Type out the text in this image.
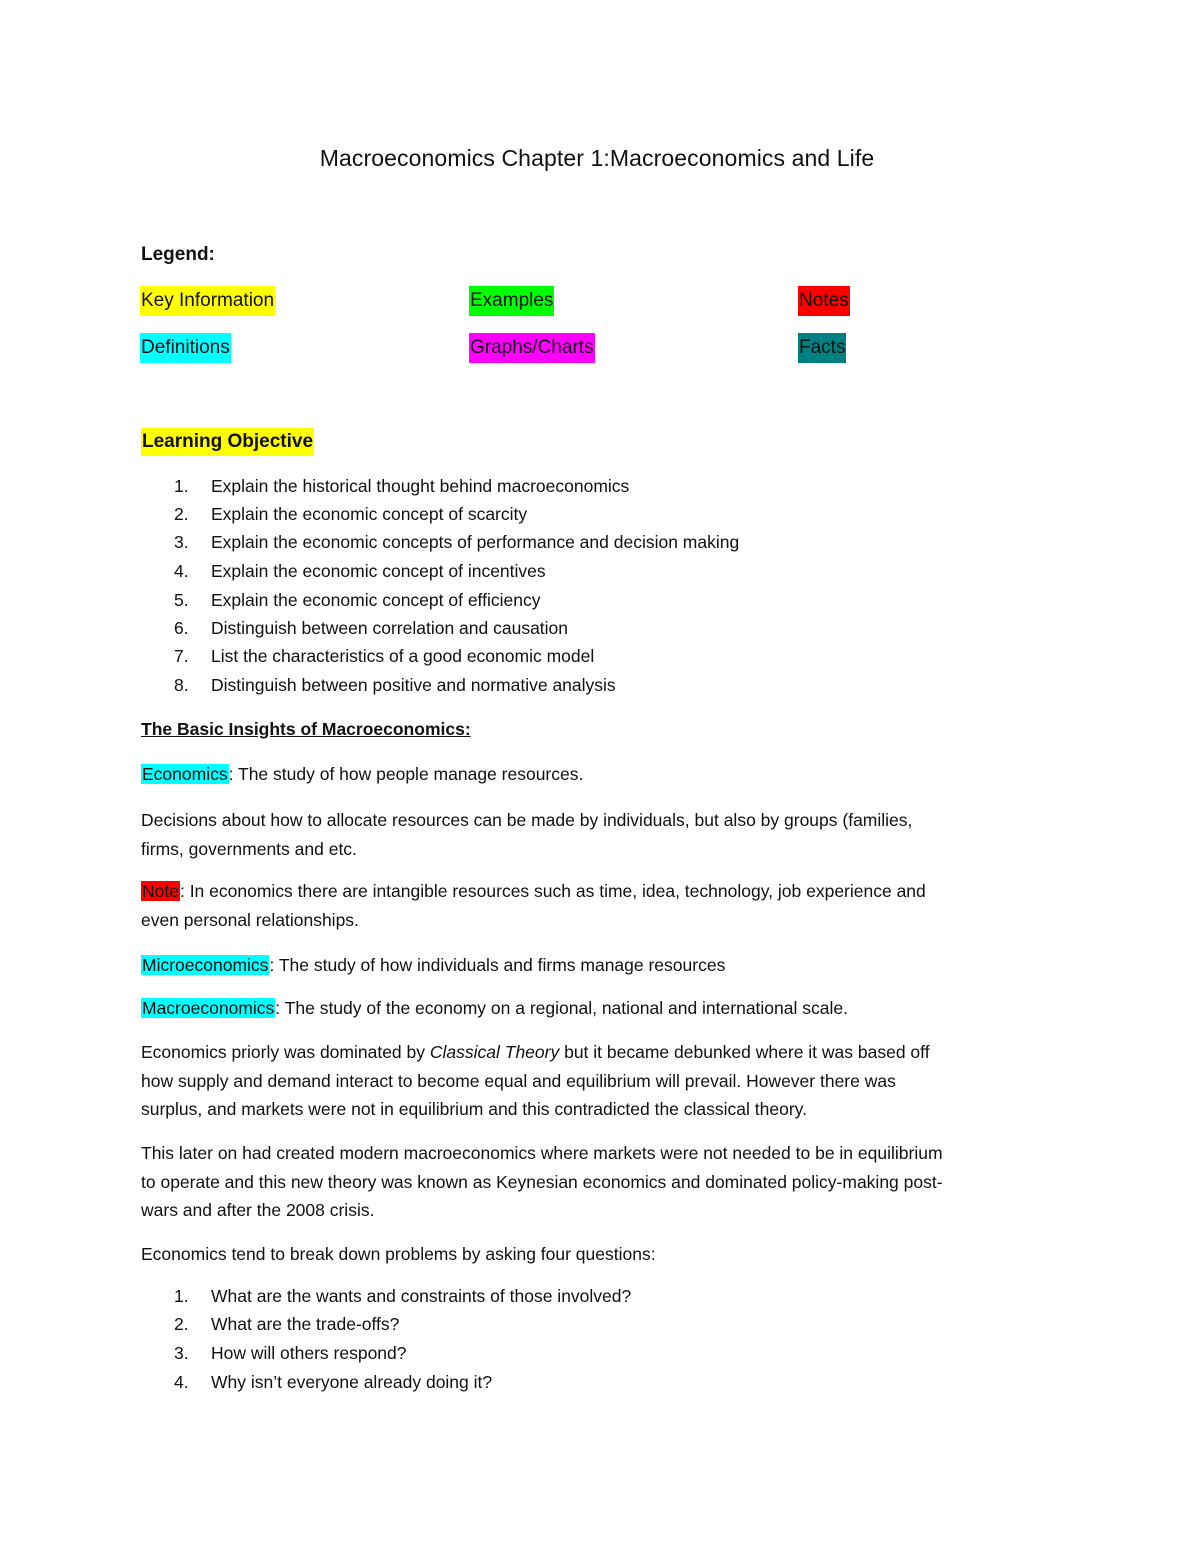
Macroeconomics Chapter 1:Macroeconomics and Life
Legend:
Key Information	Examples	Notes
Definitions	Graphs/Charts	Facts
Learning Objective
1.	Explain the historical thought behind macroeconomics
2.	Explain the economic concept of scarcity
3.	Explain the economic concepts of performance and decision making
4.	Explain the economic concept of incentives
5.	Explain the economic concept of efficiency
6.	Distinguish between correlation and causation
7.	List the characteristics of a good economic model
8.	Distinguish between positive and normative analysis
The Basic Insights of Macroeconomics:
Economics: The study of how people manage resources.
Decisions about how to allocate resources can be made by individuals, but also by groups (families,
firms, governments and etc.
Note: In economics there are intangible resources such as time, idea, technology, job experience and
even personal relationships.
Microeconomics: The study of how individuals and firms manage resources
Macroeconomics: The study of the economy on a regional, national and international scale.
Economics priorly was dominated by Classical Theory but it became debunked where it was based off
how supply and demand interact to become equal and equilibrium will prevail. However there was
surplus, and markets were not in equilibrium and this contradicted the classical theory.
This later on had created modern macroeconomics where markets were not needed to be in equilibrium
to operate and this new theory was known as Keynesian economics and dominated policy-making post-
wars and after the 2008 crisis.
Economics tend to break down problems by asking four questions:
1.	What are the wants and constraints of those involved?
2.	What are the trade-offs?
3.	How will others respond?
4.	Why isn’t everyone already doing it?
